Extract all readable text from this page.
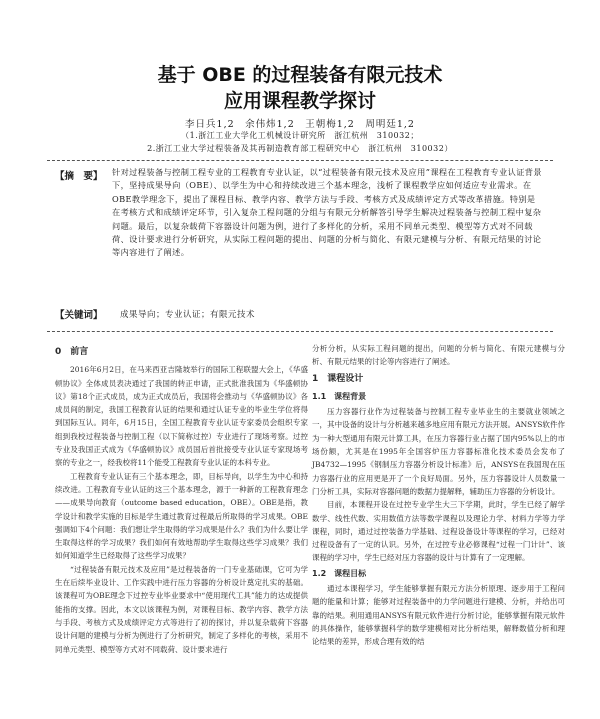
基于 OBE 的过程装备有限元技术
应用课程教学探讨
李日兵1,2　余伟炜1,2　王朝梅1,2　周明廷1,2
（1.浙江工业大学化工机械设计研究所　浙江杭州　310032；
2.浙江工业大学过程装备及其再制造教育部工程研究中心　浙江杭州　310032）
【摘　要】 针对过程装备与控制工程专业的工程教育专业认证，以“过程装备有限元技术及应用”课程在工程教育专业认证背景下，坚持成果导向（OBE）、以学生为中心和持续改进三个基本理念，浅析了课程教学应如何适应专业需求。在OBE教学理念下，提出了课程目标、教学内容、教学方法与手段、考核方式及成绩评定方式等改革措施。特别是在考核方式和成绩评定环节，引入复杂工程问题的分组与有限元分析解答引导学生解决过程装备与控制工程中复杂问题。最后，以复杂载荷下容器设计问题为例，进行了多样化的分析，采用不同单元类型、模型等方式对不同载荷、设计要求进行分析研究，从实际工程问题的提出、问题的分析与简化、有限元建模与分析、有限元结果的讨论等内容进行了阐述。
【关键词】 成果导向；专业认证；有限元技术
0　前言

2016年6月2日，在马来西亚吉隆坡举行的国际工程联盟大会上，《华盛顿协议》全体成员表决通过了我国的转正申请，正式批准我国为《华盛顿协议》第18个正式成员，成为正式成员后，我国将会推动与《华盛顿协议》各成员间的制定，我国工程教育认证的结果和通过认证专业的毕业生学位将得到国际互认。同年，6月15日，全国工程教育专业认证专家委员会组织专家组到我校过程装备与控制工程（以下简称过控）专业进行了现场考察。过控专业及我国正式成为《华盛顿协议》成员国后首批接受专业认证专家现场考察的专业之一，经我校将11个能受工程教育专业认证的本科专业。

工程教育专业认证有三个基本理念，即，目标导向，以学生为中心和持续改进。工程教育专业认证的这三个基本理念，源于一种新的工程教育理念——成果导向教育（outcome based education，OBE）。OBE是指，教学设计和教学实施的目标是学生通过教育过程最后所取得的学习成果。OBE强调如下4个问题：我们想让学生取得的学习成果是什么？我们为什么要让学生取得这样的学习成果？我们如何有效地帮助学生取得这些学习成果？我们如何知道学生已经取得了这些学习成果？

“过程装备有限元技术及应用”是过程装备的一门专业基础课，它可为学生在后续毕业设计、工作实践中进行压力容器的分析设计奠定扎实的基础。该课程可为OBE理念下过控专业毕业要求中“使用现代工具”能力的达成提供能指的支撑。因此，本文以该课程为例，对课程目标、教学内容、教学方法与手段、考核方式及成绩评定方式等进行了初的探讨，并以复杂载荷下容器设计问题的建模与分析为例进行了分析研究，制定了多样化的考核，采用不同单元类型、模型等方式对不同载荷、设计要求进行

分析分析，从实际工程问题的提出，问题的分析与简化、有限元建模与分析、有限元结果的讨论等内容进行了阐述。

1　课程设计
1.1　课程背景

压力容器行业作为过程装备与控制工程专业毕业生的主要就业领域之一，其中设备的设计与分析越来越多地应用有限元方法开展。ANSYS软件作为一种大型通用有限元计算工具，在压力容器行业占据了国内95%以上的市场份额，尤其是在1995年全国容炉压力容器标准化技术委员会发布了JB4732—1995《钢制压力容器分析设计标准》后，ANSYS在我国现在压力容器行业的应用更是开了一个良好局面。另外，压力容器设计人员数量一门分析工具，实际对容器问题的数据力提解释，辅助压力容器的分析设计。

目前，本课程开设在过控专业学生大三下学期，此时，学生已经了解学数学、线性代数、实用数值方法等数学课程以及理论力学、材料力学等力学课程，同时，通过过控装备力学基础、过程设备设计等课程的学习，已经对过程设备有了一定的认识。另外，在过控专业必修课程“过程一门计计”、该课程的学习中，学生已经对压力容器的设计与计算有了一定理解。

1.2　课程目标

通过本课程学习，学生能够掌握有限元方法分析原理、逐步用于工程问题的能量和计算；能够对过程装备中的力学问题进行建模、分析，并给出可靠的结果。利用通用ANSYS有限元软件进行分析讨论，能够掌握有限元软件的具体操作，能够掌握科学的数学建模相对比分析结果，解释数值分析和理论结果的差异，形成合理有效的结
